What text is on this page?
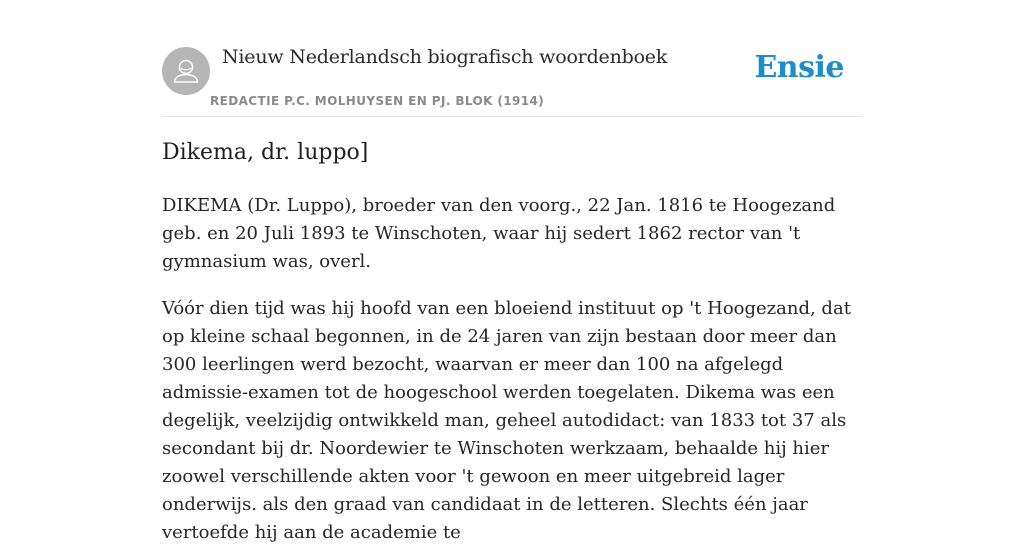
Nieuw Nederlandsch biografisch woordenboek
REDACTIE P.C. MOLHUYSEN EN PJ. BLOK (1914)
Ensie
Dikema, dr. luppo]

DIKEMA (Dr. Luppo), broeder van den voorg., 22 Jan. 1816 te Hoogezand geb. en 20 Juli 1893 te Winschoten, waar hij sedert 1862 rector van 't gymnasium was, overl.

Vóór dien tijd was hij hoofd van een bloeiend instituut op 't Hoogezand, dat op kleine schaal begonnen, in de 24 jaren van zijn bestaan door meer dan 300 leerlingen werd bezocht, waarvan er meer dan 100 na afgelegd admissie-examen tot de hoogeschool werden toegelaten. Dikema was een degelijk, veelzijdig ontwikkeld man, geheel autodidact: van 1833 tot 37 als secondant bij dr. Noordewier te Winschoten werkzaam, behaalde hij hier zoowel verschillende akten voor 't gewoon en meer uitgebreid lager onderwijs. als den graad van candidaat in de letteren. Slechts één jaar vertoefde hij aan de academie te
